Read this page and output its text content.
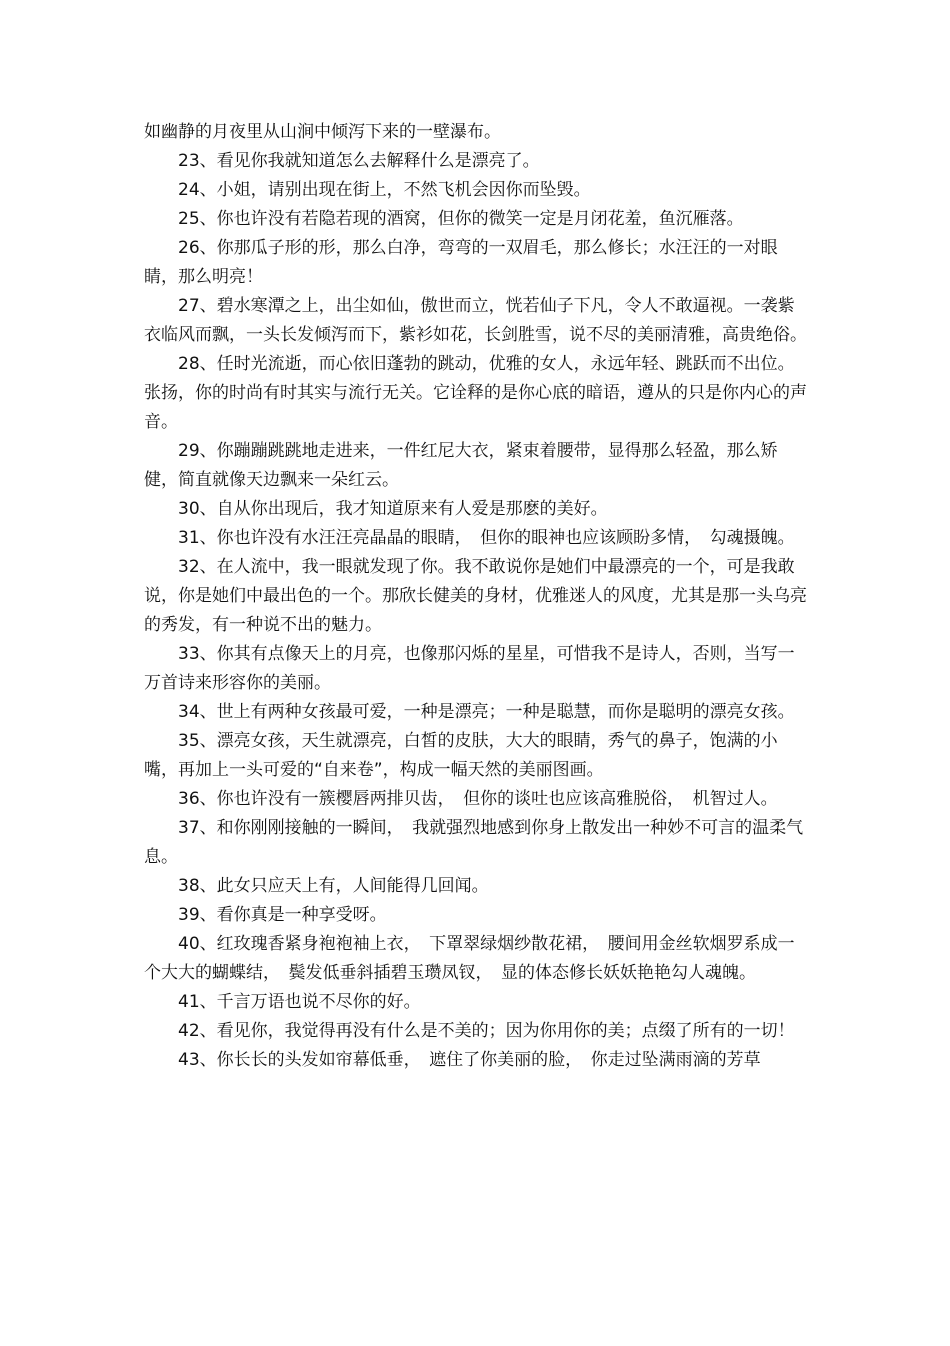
如幽静的月夜里从山涧中倾泻下来的一壁瀑布。

23、看见你我就知道怎么去解释什么是漂亮了。

24、小姐，请别出现在街上，不然飞机会因你而坠毁。

25、你也许没有若隐若现的酒窝，但你的微笑一定是月闭花羞，鱼沉雁落。

26、你那瓜子形的形，那么白净，弯弯的一双眉毛，那么修长；水汪汪的一对眼睛，那么明亮！

27、碧水寒潭之上，出尘如仙，傲世而立，恍若仙子下凡，令人不敢逼视。一袭紫衣临风而飘，一头长发倾泻而下，紫衫如花，长剑胜雪，说不尽的美丽清雅，高贵绝俗。

28、任时光流逝，而心依旧蓬勃的跳动，优雅的女人，永远年轻、跳跃而不出位。张扬，你的时尚有时其实与流行无关。它诠释的是你心底的暗语，遵从的只是你内心的声音。

29、你蹦蹦跳跳地走进来，一件红尼大衣，紧束着腰带，显得那么轻盈，那么矫健，简直就像天边飘来一朵红云。

30、自从你出现后，我才知道原来有人爱是那麽的美好。

31、你也许没有水汪汪亮晶晶的眼睛，　但你的眼神也应该顾盼多情，　勾魂摄魄。

32、在人流中，我一眼就发现了你。我不敢说你是她们中最漂亮的一个，可是我敢说，你是她们中最出色的一个。那欣长健美的身材，优雅迷人的风度，尤其是那一头乌亮的秀发，有一种说不出的魅力。

33、你其有点像天上的月亮，也像那闪烁的星星，可惜我不是诗人，否则，当写一万首诗来形容你的美丽。

34、世上有两种女孩最可爱，一种是漂亮；一种是聪慧，而你是聪明的漂亮女孩。

35、漂亮女孩，天生就漂亮，白皙的皮肤，大大的眼睛，秀气的鼻子，饱满的小嘴，再加上一头可爱的“自来卷”，构成一幅天然的美丽图画。

36、你也许没有一簇樱唇两排贝齿，　但你的谈吐也应该高雅脱俗，　机智过人。

37、和你刚刚接触的一瞬间，　我就强烈地感到你身上散发出一种妙不可言的温柔气息。

38、此女只应天上有，人间能得几回闻。

39、看你真是一种享受呀。

40、红玫瑰香紧身袍袍袖上衣，　下罩翠绿烟纱散花裙，　腰间用金丝软烟罗系成一个大大的蝴蝶结，　鬓发低垂斜插碧玉瓒凤钗，　显的体态修长妖妖艳艳勾人魂魄。

41、千言万语也说不尽你的好。

42、看见你，我觉得再没有什么是不美的；因为你用你的美；点缀了所有的一切！

43、你长长的头发如帘幕低垂，　遮住了你美丽的脸，　你走过坠满雨滴的芳草
